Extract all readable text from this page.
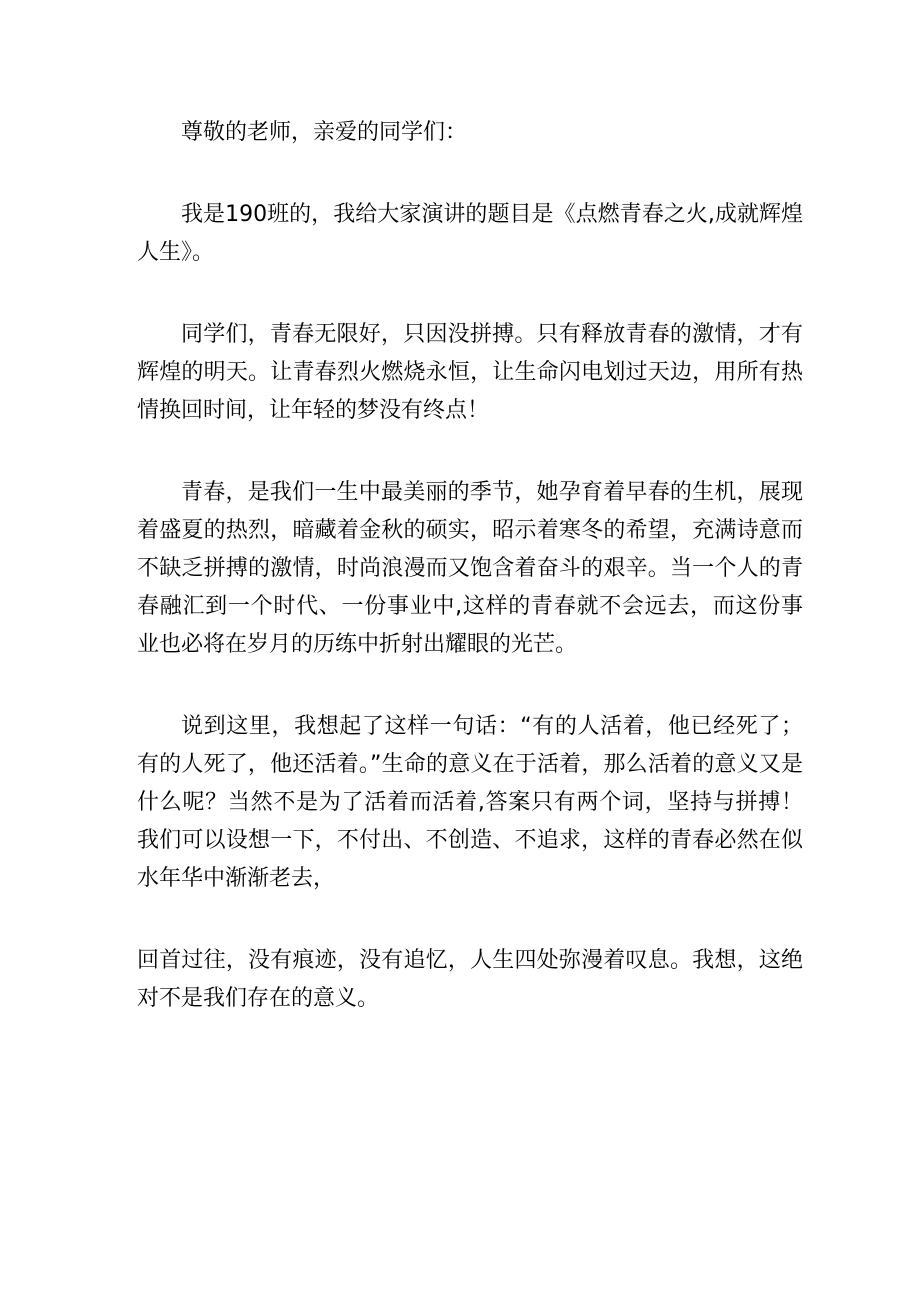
尊敬的老师，亲爱的同学们：

我是190班的，我给大家演讲的题目是《点燃青春之火,成就辉煌人生》。

同学们，青春无限好，只因没拼搏。只有释放青春的激情，才有辉煌的明天。让青春烈火燃烧永恒，让生命闪电划过天边，用所有热情换回时间，让年轻的梦没有终点！

青春，是我们一生中最美丽的季节，她孕育着早春的生机，展现着盛夏的热烈，暗藏着金秋的硕实，昭示着寒冬的希望，充满诗意而不缺乏拼搏的激情，时尚浪漫而又饱含着奋斗的艰辛。当一个人的青春融汇到一个时代、一份事业中,这样的青春就不会远去，而这份事业也必将在岁月的历练中折射出耀眼的光芒。

说到这里，我想起了这样一句话：“有的人活着，他已经死了；有的人死了，他还活着。”生命的意义在于活着，那么活着的意义又是什么呢？当然不是为了活着而活着,答案只有两个词，坚持与拼搏！我们可以设想一下，不付出、不创造、不追求，这样的青春必然在似水年华中渐渐老去，

回首过往，没有痕迹，没有追忆，人生四处弥漫着叹息。我想，这绝对不是我们存在的意义。
